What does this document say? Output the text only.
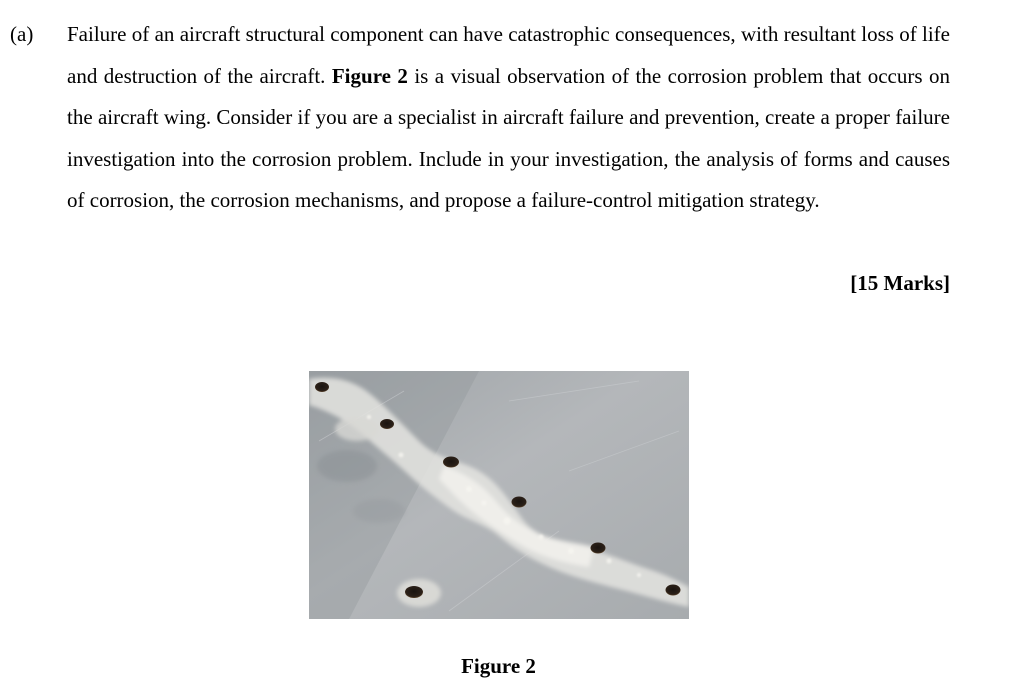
(a) Failure of an aircraft structural component can have catastrophic consequences, with resultant loss of life and destruction of the aircraft. Figure 2 is a visual observation of the corrosion problem that occurs on the aircraft wing. Consider if you are a specialist in aircraft failure and prevention, create a proper failure investigation into the corrosion problem. Include in your investigation, the analysis of forms and causes of corrosion, the corrosion mechanisms, and propose a failure-control mitigation strategy.
[15 Marks]
Figure 2
